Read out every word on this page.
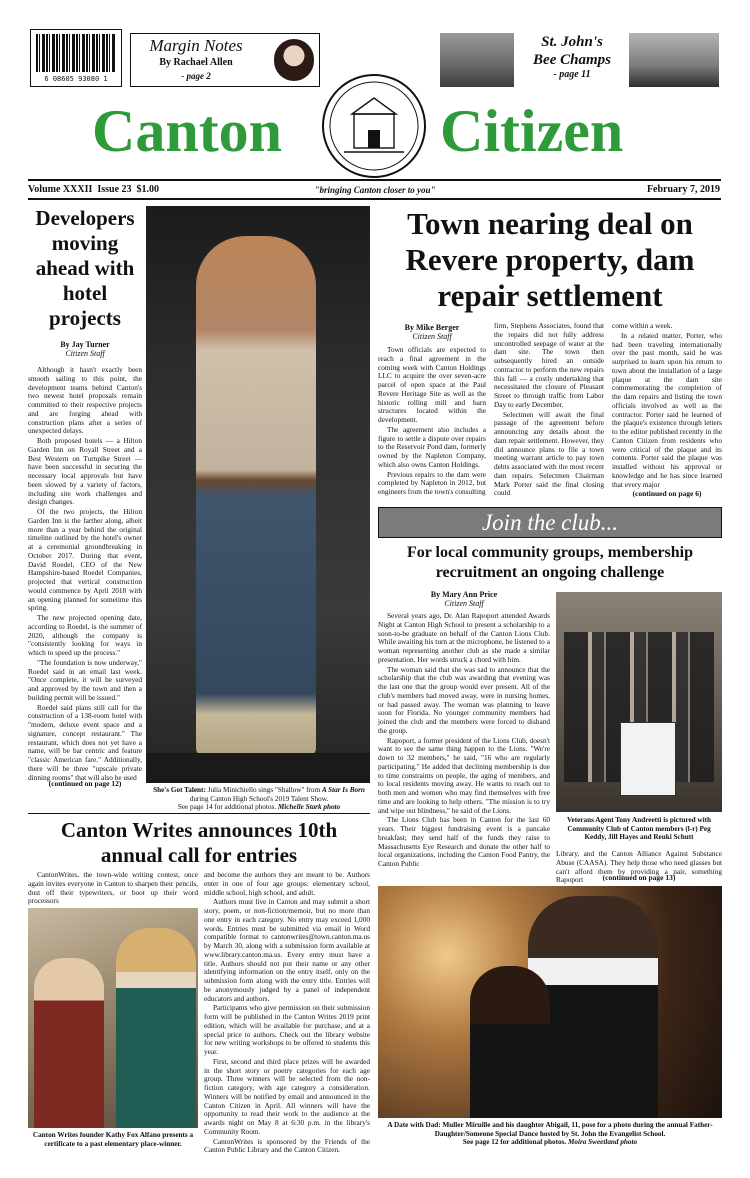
6 08605 93080 1
Margin Notes
By Rachael Allen
- page 2
St. John's
Bee Champs
- page 11
Canton	Citizen
Volume XXXII  Issue 23  $1.00	"bringing Canton closer to you"	February 7, 2019
Developers moving ahead with hotel projects
By Jay Turner
Citizen Staff

Although it hasn't exactly been smooth sailing to this point, the development teams behind Canton's two newest hotel proposals remain committed to their respective projects and are forging ahead with construction plans after a series of unexpected delays.

Both proposed hotels — a Hilton Garden Inn on Royall Street and a Best Western on Turnpike Street — have been successful in securing the necessary local approvals but have been slowed by a variety of factors, including site work challenges and design changes.

Of the two projects, the Hilton Garden Inn is the farther along, albeit more than a year behind the original timeline outlined by the hotel's owner at a ceremonial groundbreaking in October 2017. During that event, David Roedel, CEO of the New Hampshire-based Roedel Companies, projected that vertical construction would commence by April 2018 with an opening planned for sometime this spring.

The new projected opening date, according to Roedel, is the summer of 2020, although the company is "consistently looking for ways in which to speed up the process."

"The foundation is now underway," Roedel said in an email last week. "Once complete, it will be surveyed and approved by the town and then a building permit will be issued."

Roedel said plans still call for the construction of a 138-room hotel with "modern, deluxe event space and a signature, concept restaurant." The restaurant, which does not yet have a name, will be bar centric and feature "classic American fare." Additionally, there will be three "upscale private dinning rooms" that will also be used

(continued on page 12)
She's Got Talent: Julia Minichiello sings "Shallow" from A Star Is Born during Canton High School's 2019 Talent Show.
See page 14 for additional photos. Michelle Stark photo
Town nearing deal on Revere property, dam repair settlement
By Mike Berger
Citizen Staff

Town officials are expected to reach a final agreement in the coming week with Canton Holdings LLC to acquire the over seven-acre parcel of open space at the Paul Revere Heritage Site as well as the historic rolling mill and barn structures located within the development.

The agreement also includes a figure to settle a dispute over repairs to the Reservoir Pond dam, formerly owned by the Napleton Company, which also owns Canton Holdings.

Previous repairs to the dam were completed by Napleton in 2012, but engineers from the town's consulting

firm, Stephens Associates, found that the repairs did not fully address uncontrolled seepage of water at the dam site. The town then subsequently hired an outside contractor to perform the new repairs this fall — a costly undertaking that necessitated the closure of Pleasant Street to through traffic from Labor Day to early December.

Selectmen will await the final passage of the agreement before announcing any details about the dam repair settlement. However, they did announce plans to file a town meeting warrant article to pay town debts associated with the most recent dam repairs. Selectmen Chairman Mark Porter said the final closing could

come within a week.

In a related matter, Porter, who had been traveling internationally over the past month, said he was surprised to learn upon his return to town about the installation of a large plaque at the dam site commemorating the completion of the dam repairs and listing the town officials involved as well as the contractor. Porter said he learned of the plaque's existence through letters to the editor published recently in the Canton Citizen from residents who were critical of the plaque and its contents. Porter said the plaque was installed without his approval or knowledge and he has since learned that every major

(continued on page 6)
Join the club...
For local community groups, membership recruitment an ongoing challenge
By Mary Ann Price
Citizen Staff

Several years ago, Dr. Alan Rapoport attended Awards Night at Canton High School to present a scholarship to a soon-to-be graduate on behalf of the Canton Lions Club. While awaiting his turn at the microphone, he listened to a woman representing another club as she made a similar presentation. Her words struck a chord with him.

The woman said that she was sad to announce that the scholarship that the club was awarding that evening was the last one that the group would ever present. All of the club's members had moved away, were in nursing homes, or had passed away. The woman was planning to leave soon for Florida. No younger community members had joined the club and the members were forced to disband the group.

Rapoport, a former president of the Lions Club, doesn't want to see the same thing happen to the Lions. "We're down to 32 members," he said, "16 who are regularly participating." He added that declining membership is due to time constraints on people, the aging of members, and to local residents moving away. He wants to reach out to both men and women who may find themselves with free time and are looking to help others. "The mission is to try and wipe out blindness," he said of the Lions.

The Lions Club has been in Canton for the last 60 years. Their biggest fundraising event is a pancake breakfast; they send half of the funds they raise to Massachusetts Eye Research and donate the other half to local organizations, including the Canton Food Pantry, the Canton Public

Veterans Agent Tony Andreetti is pictured with Community Club of Canton members (l-r) Peg Keddy, Jill Hayes and Reuki Schutt
Library, and the Canton Alliance Against Substance Abuse (CAASA). They help those who need glasses but can't afford them by providing a pair, something Rapoport	(continued on page 13)
Canton Writes announces 10th annual call for entries
CantonWrites, the town-wide writing contest, once again invites everyone in Canton to sharpen their pencils, dust off their typewriters, or boot up their word processors
Canton Writes founder Kathy Fox Alfano presents a certificate to a past elementary place-winner.

and become the authors they are meant to be. Authors enter in one of four age groups: elementary school, middle school, high school, and adult.

Authors must live in Canton and may submit a short story, poem, or non-fiction/memoir, but no more than one entry in each category. No entry may exceed 1,000 words. Entries must be submitted via email in Word compatible format to cantonwrites@town.canton.ma.us by March 30, along with a submission form available at www.library.canton.ma.us. Every entry must have a title. Authors should not put their name or any other identifying information on the entry itself, only on the submission form along with the entry title. Entries will be anonymously judged by a panel of independent educators and authors.

Participants who give permission on their submission form will be published in the Canton Writes 2019 print edition, which will be available for purchase, and at a special price to authors. Check out the library website for new writing workshops to be offered to students this year.

First, second and third place prizes will be awarded in the short story or poetry categories for each age group. Three winners will be selected from the non-fiction category, with age category a consideration. Winners will be notified by email and announced in the Canton Citizen in April. All winners will have the opportunity to read their work to the audience at the awards night on May 8 at 6:30 p.m. in the library's Community Room.

CantonWrites is sponsored by the Friends of the Canton Public Library and the Canton Citizen.

A Date with Dad: Muller Miruille and his daughter Abigail, 11, pose for a photo during the annual Father-Daughter/Someone Special Dance hosted by St. John the Evangelist School.
See page 12 for additional photos. Moira Sweetland photo
